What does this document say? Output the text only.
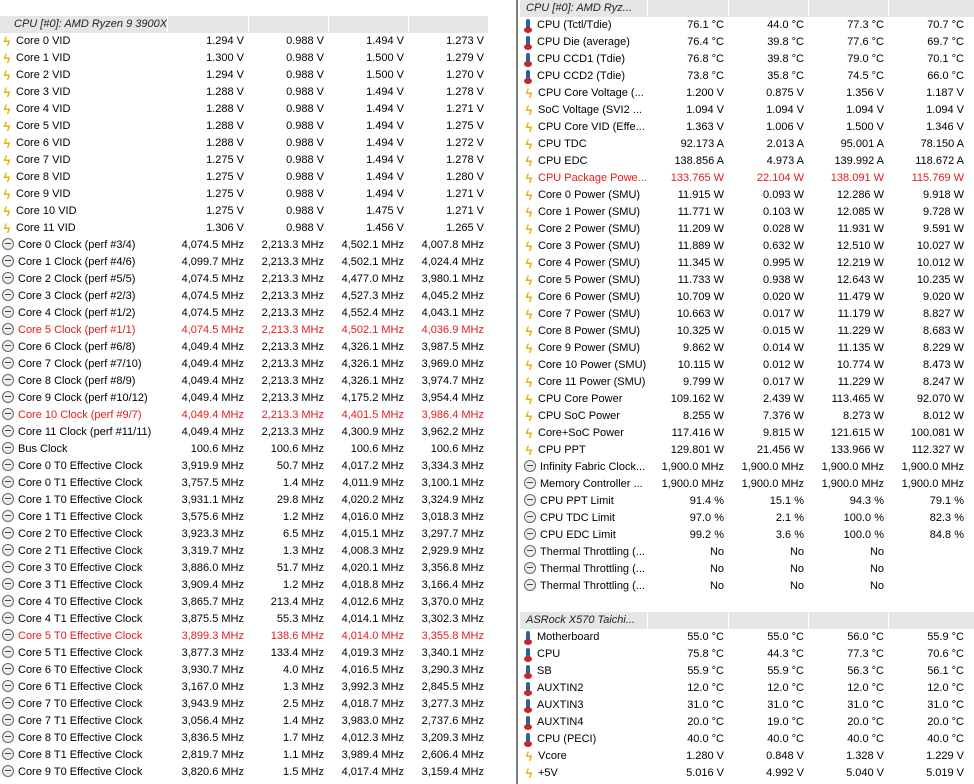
CPU [#0]: AMD Ryzen 9 3900X
ϟ Core 0 VID	1.294 V	0.988 V	1.494 V	1.273 V
ϟ Core 1 VID	1.300 V	0.988 V	1.500 V	1.279 V
ϟ Core 2 VID	1.294 V	0.988 V	1.500 V	1.270 V
ϟ Core 3 VID	1.288 V	0.988 V	1.494 V	1.278 V
ϟ Core 4 VID	1.288 V	0.988 V	1.494 V	1.271 V
ϟ Core 5 VID	1.288 V	0.988 V	1.494 V	1.275 V
ϟ Core 6 VID	1.288 V	0.988 V	1.494 V	1.272 V
ϟ Core 7 VID	1.275 V	0.988 V	1.494 V	1.278 V
ϟ Core 8 VID	1.275 V	0.988 V	1.494 V	1.280 V
ϟ Core 9 VID	1.275 V	0.988 V	1.494 V	1.271 V
ϟ Core 10 VID	1.275 V	0.988 V	1.475 V	1.271 V
ϟ Core 11 VID	1.306 V	0.988 V	1.456 V	1.265 V
Core 0 Clock (perf #3/4)	4,074.5 MHz	2,213.3 MHz	4,502.1 MHz	4,007.8 MHz
Core 1 Clock (perf #4/6)	4,099.7 MHz	2,213.3 MHz	4,502.1 MHz	4,024.4 MHz
Core 2 Clock (perf #5/5)	4,074.5 MHz	2,213.3 MHz	4,477.0 MHz	3,980.1 MHz
Core 3 Clock (perf #2/3)	4,074.5 MHz	2,213.3 MHz	4,527.3 MHz	4,045.2 MHz
Core 4 Clock (perf #1/2)	4,074.5 MHz	2,213.3 MHz	4,552.4 MHz	4,043.1 MHz
Core 5 Clock (perf #1/1)	4,074.5 MHz	2,213.3 MHz	4,502.1 MHz	4,036.9 MHz
Core 6 Clock (perf #6/8)	4,049.4 MHz	2,213.3 MHz	4,326.1 MHz	3,987.5 MHz
Core 7 Clock (perf #7/10)	4,049.4 MHz	2,213.3 MHz	4,326.1 MHz	3,969.0 MHz
Core 8 Clock (perf #8/9)	4,049.4 MHz	2,213.3 MHz	4,326.1 MHz	3,974.7 MHz
Core 9 Clock (perf #10/12)	4,049.4 MHz	2,213.3 MHz	4,175.2 MHz	3,954.4 MHz
Core 10 Clock (perf #9/7)	4,049.4 MHz	2,213.3 MHz	4,401.5 MHz	3,986.4 MHz
Core 11 Clock (perf #11/11)	4,049.4 MHz	2,213.3 MHz	4,300.9 MHz	3,962.2 MHz
Bus Clock	100.6 MHz	100.6 MHz	100.6 MHz	100.6 MHz
Core 0 T0 Effective Clock	3,919.9 MHz	50.7 MHz	4,017.2 MHz	3,334.3 MHz
Core 0 T1 Effective Clock	3,757.5 MHz	1.4 MHz	4,011.9 MHz	3,100.1 MHz
Core 1 T0 Effective Clock	3,931.1 MHz	29.8 MHz	4,020.2 MHz	3,324.9 MHz
Core 1 T1 Effective Clock	3,575.6 MHz	1.2 MHz	4,016.0 MHz	3,018.3 MHz
Core 2 T0 Effective Clock	3,923.3 MHz	6.5 MHz	4,015.1 MHz	3,297.7 MHz
Core 2 T1 Effective Clock	3,319.7 MHz	1.3 MHz	4,008.3 MHz	2,929.9 MHz
Core 3 T0 Effective Clock	3,886.0 MHz	51.7 MHz	4,020.1 MHz	3,356.8 MHz
Core 3 T1 Effective Clock	3,909.4 MHz	1.2 MHz	4,018.8 MHz	3,166.4 MHz
Core 4 T0 Effective Clock	3,865.7 MHz	213.4 MHz	4,012.6 MHz	3,370.0 MHz
Core 4 T1 Effective Clock	3,875.5 MHz	55.3 MHz	4,014.1 MHz	3,302.3 MHz
Core 5 T0 Effective Clock	3,899.3 MHz	138.6 MHz	4,014.0 MHz	3,355.8 MHz
Core 5 T1 Effective Clock	3,877.3 MHz	133.4 MHz	4,019.3 MHz	3,340.1 MHz
Core 6 T0 Effective Clock	3,930.7 MHz	4.0 MHz	4,016.5 MHz	3,290.3 MHz
Core 6 T1 Effective Clock	3,167.0 MHz	1.3 MHz	3,992.3 MHz	2,845.5 MHz
Core 7 T0 Effective Clock	3,943.9 MHz	2.5 MHz	4,018.7 MHz	3,277.3 MHz
Core 7 T1 Effective Clock	3,056.4 MHz	1.4 MHz	3,983.0 MHz	2,737.6 MHz
Core 8 T0 Effective Clock	3,836.5 MHz	1.7 MHz	4,012.3 MHz	3,209.3 MHz
Core 8 T1 Effective Clock	2,819.7 MHz	1.1 MHz	3,989.4 MHz	2,606.4 MHz
Core 9 T0 Effective Clock	3,820.6 MHz	1.5 MHz	4,017.4 MHz	3,159.4 MHz
CPU [#0]: AMD Ryz...
CPU (Tctl/Tdie)	76.1 °C	44.0 °C	77.3 °C	70.7 °C
CPU Die (average)	76.4 °C	39.8 °C	77.6 °C	69.7 °C
CPU CCD1 (Tdie)	76.8 °C	39.8 °C	79.0 °C	70.1 °C
CPU CCD2 (Tdie)	73.8 °C	35.8 °C	74.5 °C	66.0 °C
ϟ CPU Core Voltage (...	1.200 V	0.875 V	1.356 V	1.187 V
ϟ SoC Voltage (SVI2 ...	1.094 V	1.094 V	1.094 V	1.094 V
ϟ CPU Core VID (Effe...	1.363 V	1.006 V	1.500 V	1.346 V
ϟ CPU TDC	92.173 A	2.013 A	95.001 A	78.150 A
ϟ CPU EDC	138.856 A	4.973 A	139.992 A	118.672 A
ϟ CPU Package Powe...	133.765 W	22.104 W	138.091 W	115.769 W
ϟ Core 0 Power (SMU)	11.915 W	0.093 W	12.286 W	9.918 W
ϟ Core 1 Power (SMU)	11.771 W	0.103 W	12.085 W	9.728 W
ϟ Core 2 Power (SMU)	11.209 W	0.028 W	11.931 W	9.591 W
ϟ Core 3 Power (SMU)	11.889 W	0.632 W	12.510 W	10.027 W
ϟ Core 4 Power (SMU)	11.345 W	0.995 W	12.219 W	10.012 W
ϟ Core 5 Power (SMU)	11.733 W	0.938 W	12.643 W	10.235 W
ϟ Core 6 Power (SMU)	10.709 W	0.020 W	11.479 W	9.020 W
ϟ Core 7 Power (SMU)	10.663 W	0.017 W	11.179 W	8.827 W
ϟ Core 8 Power (SMU)	10.325 W	0.015 W	11.229 W	8.683 W
ϟ Core 9 Power (SMU)	9.862 W	0.014 W	11.135 W	8.229 W
ϟ Core 10 Power (SMU)	10.115 W	0.012 W	10.774 W	8.473 W
ϟ Core 11 Power (SMU)	9.799 W	0.017 W	11.229 W	8.247 W
ϟ CPU Core Power	109.162 W	2.439 W	113.465 W	92.070 W
ϟ CPU SoC Power	8.255 W	7.376 W	8.273 W	8.012 W
ϟ Core+SoC Power	117.416 W	9.815 W	121.615 W	100.081 W
ϟ CPU PPT	129.801 W	21.456 W	133.966 W	112.327 W
Infinity Fabric Clock...	1,900.0 MHz	1,900.0 MHz	1,900.0 MHz	1,900.0 MHz
Memory Controller ...	1,900.0 MHz	1,900.0 MHz	1,900.0 MHz	1,900.0 MHz
CPU PPT Limit	91.4 %	15.1 %	94.3 %	79.1 %
CPU TDC Limit	97.0 %	2.1 %	100.0 %	82.3 %
CPU EDC Limit	99.2 %	3.6 %	100.0 %	84.8 %
Thermal Throttling (...	No	No	No
Thermal Throttling (...	No	No	No
Thermal Throttling (...	No	No	No
ASRock X570 Taichi...
Motherboard	55.0 °C	55.0 °C	56.0 °C	55.9 °C
CPU	75.8 °C	44.3 °C	77.3 °C	70.6 °C
SB	55.9 °C	55.9 °C	56.3 °C	56.1 °C
AUXTIN2	12.0 °C	12.0 °C	12.0 °C	12.0 °C
AUXTIN3	31.0 °C	31.0 °C	31.0 °C	31.0 °C
AUXTIN4	20.0 °C	19.0 °C	20.0 °C	20.0 °C
CPU (PECI)	40.0 °C	40.0 °C	40.0 °C	40.0 °C
ϟ Vcore	1.280 V	0.848 V	1.328 V	1.229 V
ϟ +5V	5.016 V	4.992 V	5.040 V	5.019 V
